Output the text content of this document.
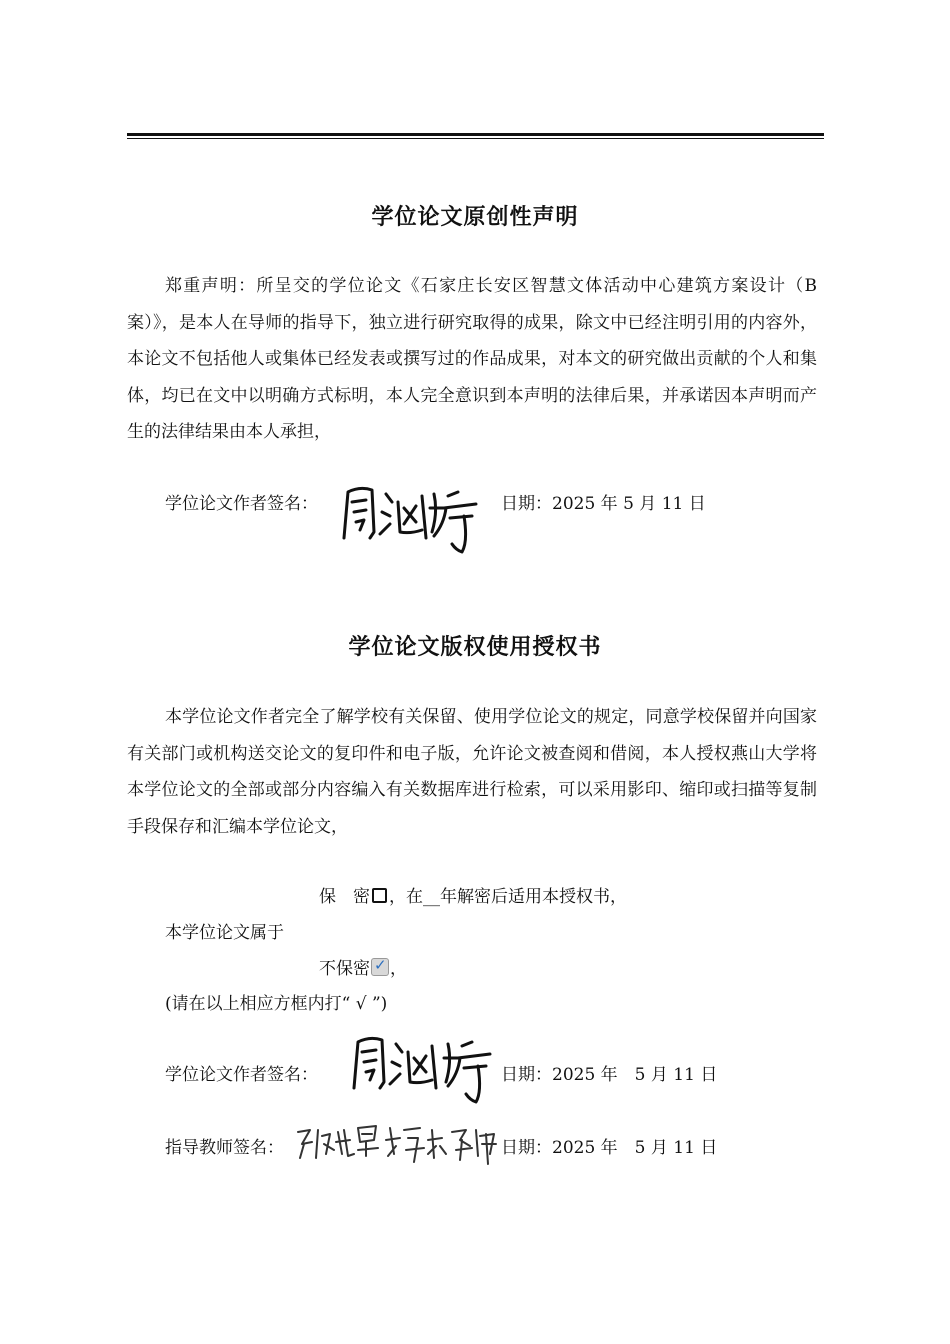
学位论文原创性声明
郑重声明：所呈交的学位论文《石家庄长安区智慧文体活动中心建筑方案设计（B案）》，是本人在导师的指导下，独立进行研究取得的成果，除文中已经注明引用的内容外，本论文不包括他人或集体已经发表或撰写过的作品成果，对本文的研究做出贡献的个人和集体，均已在文中以明确方式标明，本人完全意识到本声明的法律后果，并承诺因本声明而产生的法律结果由本人承担，
学位论文作者签名：	日期：2025 年 5 月 11 日
学位论文版权使用授权书
本学位论文作者完全了解学校有关保留、使用学位论文的规定，同意学校保留并向国家有关部门或机构送交论文的复印件和电子版，允许论文被查阅和借阅，本人授权燕山大学将本学位论文的全部或部分内容编入有关数据库进行检索，可以采用影印、缩印或扫描等复制手段保存和汇编本学位论文，
保　密 ，在__年解密后适用本授权书，
本学位论文属于
不保密✓ ，
(请在以上相应方框内打“ √ ”)
学位论文作者签名：	日期：2025 年　5 月 11 日
指导教师签名：	日期：2025 年　5 月 11 日
